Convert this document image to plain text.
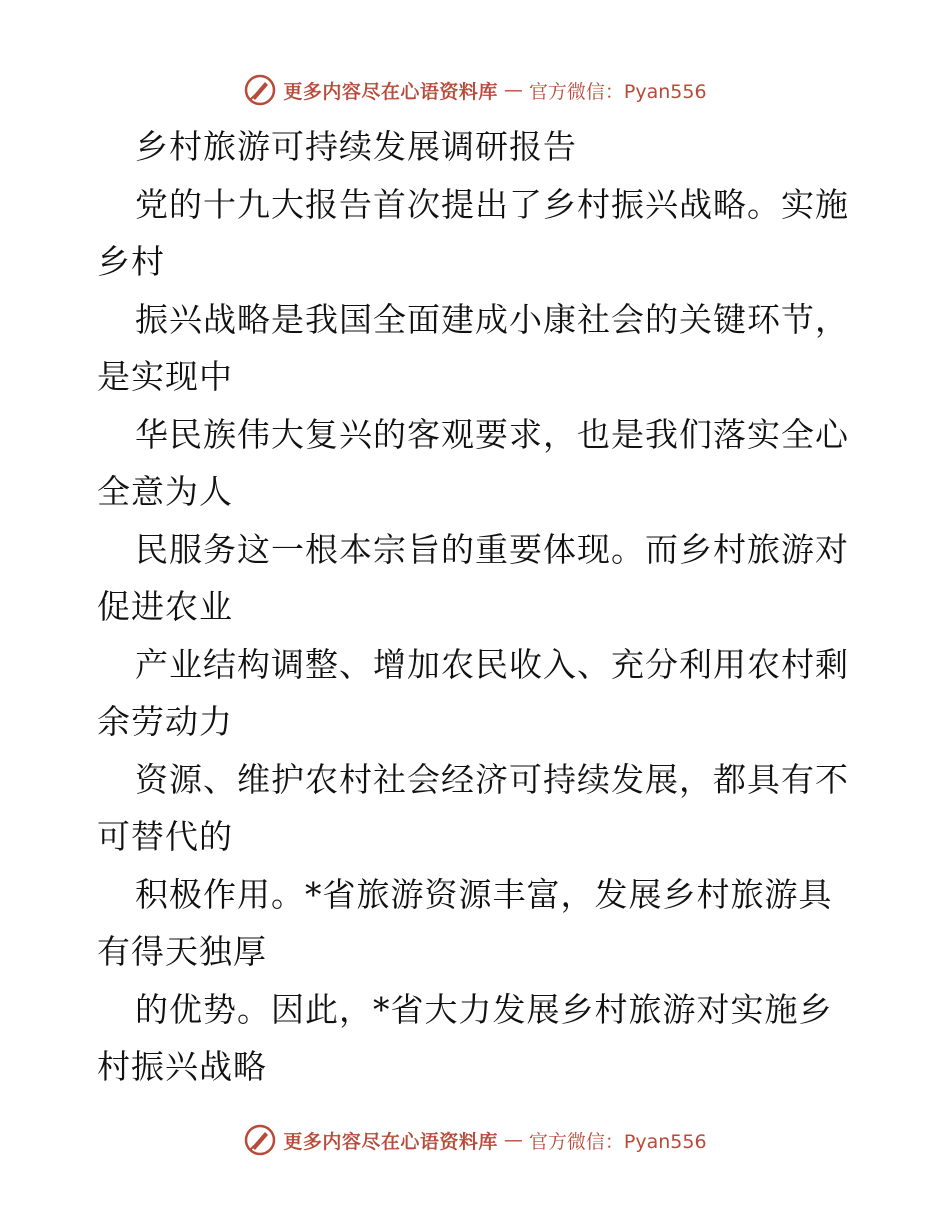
更多内容尽在心语资料库 — 官方微信：Pyan556
乡村旅游可持续发展调研报告
党的十九大报告首次提出了乡村振兴战略。实施
乡村
振兴战略是我国全面建成小康社会的关键环节，
是实现中
华民族伟大复兴的客观要求，也是我们落实全心
全意为人
民服务这一根本宗旨的重要体现。而乡村旅游对
促进农业
产业结构调整、增加农民收入、充分利用农村剩
余劳动力
资源、维护农村社会经济可持续发展，都具有不
可替代的
积极作用。*省旅游资源丰富，发展乡村旅游具
有得天独厚
的优势。因此，*省大力发展乡村旅游对实施乡
村振兴战略
更多内容尽在心语资料库 — 官方微信：Pyan556
